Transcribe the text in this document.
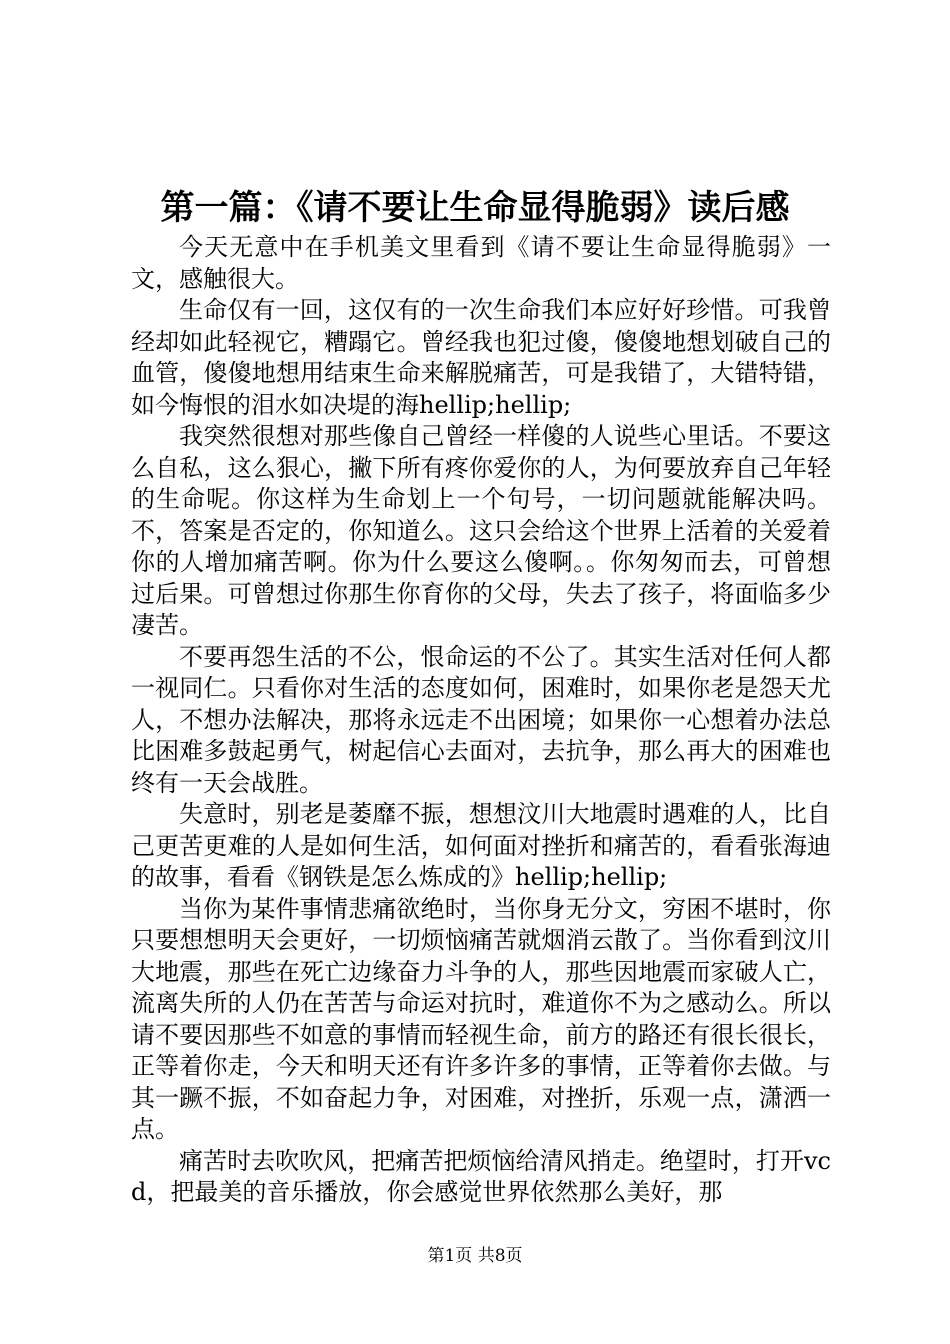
第一篇：《请不要让生命显得脆弱》读后感

今天无意中在手机美文里看到《请不要让生命显得脆弱》一文，感触很大。

生命仅有一回，这仅有的一次生命我们本应好好珍惜。可我曾经却如此轻视它，糟蹋它。曾经我也犯过傻，傻傻地想划破自己的血管，傻傻地想用结束生命来解脱痛苦，可是我错了，大错特错，如今悔恨的泪水如决堤的海hellip;hellip;

我突然很想对那些像自己曾经一样傻的人说些心里话。不要这么自私，这么狠心，撇下所有疼你爱你的人，为何要放弃自己年轻的生命呢。你这样为生命划上一个句号，一切问题就能解决吗。不，答案是否定的，你知道么。这只会给这个世界上活着的关爱着你的人增加痛苦啊。你为什么要这么傻啊。。你匆匆而去，可曾想过后果。可曾想过你那生你育你的父母，失去了孩子，将面临多少凄苦。

不要再怨生活的不公，恨命运的不公了。其实生活对任何人都一视同仁。只看你对生活的态度如何，困难时，如果你老是怨天尤人，不想办法解决，那将永远走不出困境；如果你一心想着办法总比困难多鼓起勇气，树起信心去面对，去抗争，那么再大的困难也终有一天会战胜。

失意时，别老是萎靡不振，想想汶川大地震时遇难的人，比自己更苦更难的人是如何生活，如何面对挫折和痛苦的，看看张海迪的故事，看看《钢铁是怎么炼成的》hellip;hellip;

当你为某件事情悲痛欲绝时，当你身无分文，穷困不堪时，你只要想想明天会更好，一切烦恼痛苦就烟消云散了。当你看到汶川大地震，那些在死亡边缘奋力斗争的人，那些因地震而家破人亡，流离失所的人仍在苦苦与命运对抗时，难道你不为之感动么。所以请不要因那些不如意的事情而轻视生命，前方的路还有很长很长，正等着你走，今天和明天还有许多许多的事情，正等着你去做。与其一蹶不振，不如奋起力争，对困难，对挫折，乐观一点，潇洒一点。

痛苦时去吹吹风，把痛苦把烦恼给清风捎走。绝望时，打开vcd，把最美的音乐播放，你会感觉世界依然那么美好，那

第1页 共8页
